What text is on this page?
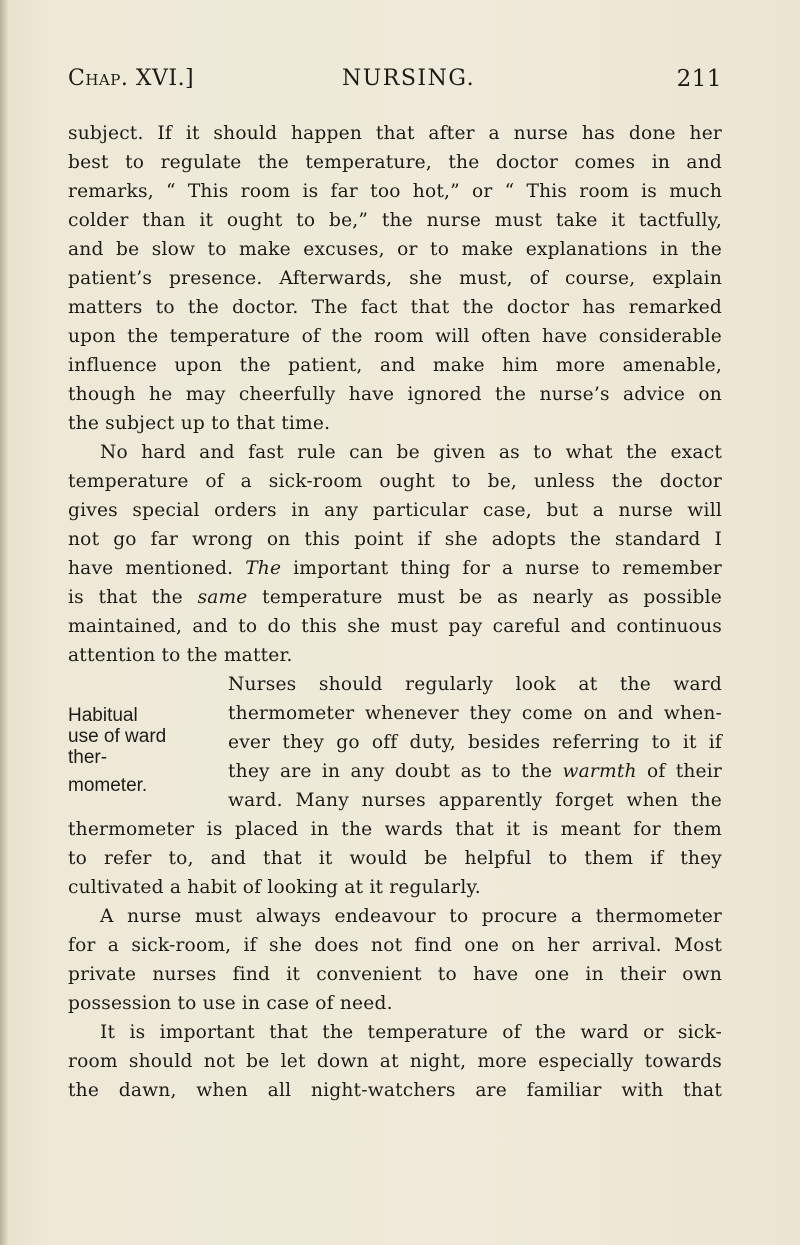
Chap. XVI.]	NURSING.	211
subject. If it should happen that after a nurse has done her
best to regulate the temperature, the doctor comes in and
remarks, “ This room is far too hot,” or “ This room is much
colder than it ought to be,” the nurse must take it tactfully,
and be slow to make excuses, or to make explanations in the
patient’s presence. Afterwards, she must, of course, explain
matters to the doctor. The fact that the doctor has remarked
upon the temperature of the room will often have considerable
influence upon the patient, and make him more amenable,
though he may cheerfully have ignored the nurse’s advice on
the subject up to that time.
No hard and fast rule can be given as to what the exact
temperature of a sick-room ought to be, unless the doctor
gives special orders in any particular case, but a nurse will
not go far wrong on this point if she adopts the standard I
have mentioned. The important thing for a nurse to remember
is that the same temperature must be as nearly as possible
maintained, and to do this she must pay careful and continuous
attention to the matter.
Nurses should regularly look at the ward
thermometer whenever they come on and when-
ever they go off duty, besides referring to it if
they are in any doubt as to the warmth of their
ward. Many nurses apparently forget when the
thermometer is placed in the wards that it is meant for them
to refer to, and that it would be helpful to them if they
cultivated a habit of looking at it regularly.
A nurse must always endeavour to procure a thermometer
for a sick-room, if she does not find one on her arrival. Most
private nurses find it convenient to have one in their own
possession to use in case of need.
It is important that the temperature of the ward or sick-
room should not be let down at night, more especially towards
the dawn, when all night-watchers are familiar with that
Habitual
use of ward
ther-
mometer.
